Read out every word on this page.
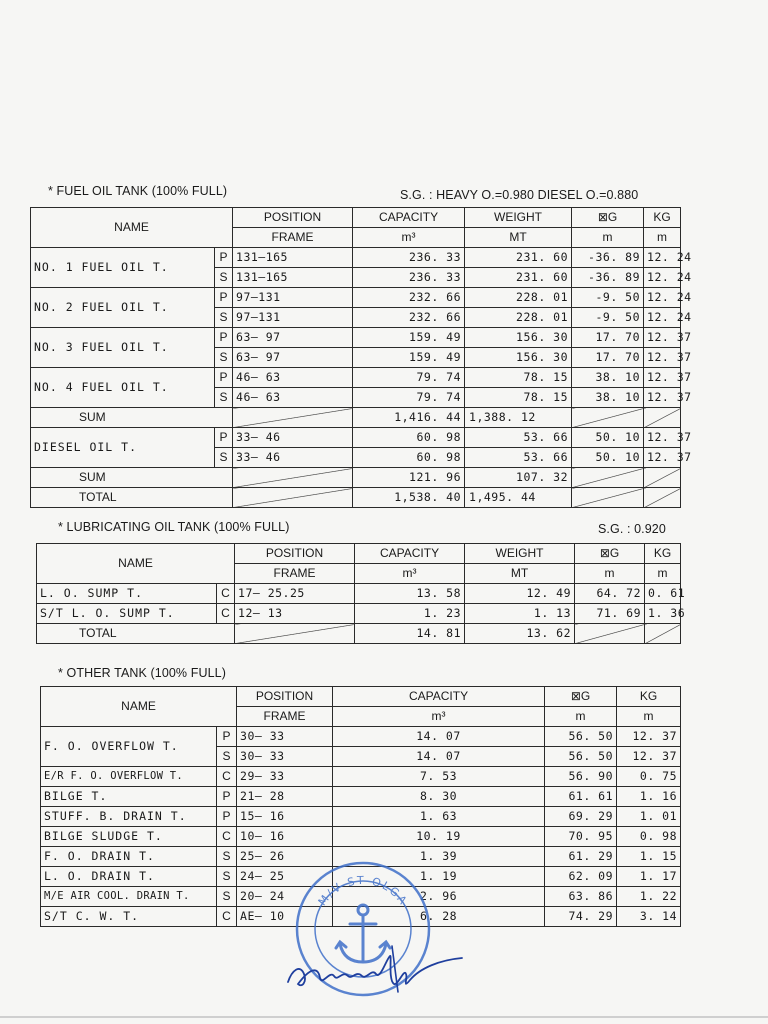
* FUEL OIL TANK (100% FULL)	S.G. : HEAVY O.=0.980 DIESEL O.=0.880
NAME		POSITION	CAPACITY	WEIGHT	⊠G	KG
		FRAME	m³	MT	m	m
NO. 1 FUEL OIL T.	P	131–165	236. 33	231. 60	-36. 89	12. 24
	S	131–165	236. 33	231. 60	-36. 89	12. 24
NO. 2 FUEL OIL T.	P	97–131	232. 66	228. 01	-9. 50	12. 24
	S	97–131	232. 66	228. 01	-9. 50	12. 24
NO. 3 FUEL OIL T.	P	63– 97	159. 49	156. 30	17. 70	12. 37
	S	63– 97	159. 49	156. 30	17. 70	12. 37
NO. 4 FUEL OIL T.	P	46– 63	79. 74	78. 15	38. 10	12. 37
	S	46– 63	79. 74	78. 15	38. 10	12. 37
SUM			1,416. 44	1,388. 12		
DIESEL OIL T.	P	33– 46	60. 98	53. 66	50. 10	12. 37
	S	33– 46	60. 98	53. 66	50. 10	12. 37
SUM			121. 96	107. 32		
TOTAL			1,538. 40	1,495. 44		
* LUBRICATING OIL TANK (100% FULL)	S.G. : 0.920
NAME		POSITION	CAPACITY	WEIGHT	⊠G	KG
		FRAME	m³	MT	m	m
L. O. SUMP T.	C	17– 25.25	13. 58	12. 49	64. 72	0. 61
S/T L. O. SUMP T.	C	12– 13	1. 23	1. 13	71. 69	1. 36
TOTAL			14. 81	13. 62		
* OTHER TANK (100% FULL)
NAME		POSITION	CAPACITY	⊠G	KG
		FRAME	m³	m	m
F. O. OVERFLOW T.	P	30– 33	14. 07	56. 50	12. 37
	S	30– 33	14. 07	56. 50	12. 37
E/R F. O. OVERFLOW T.	C	29– 33	7. 53	56. 90	0. 75
BILGE T.	P	21– 28	8. 30	61. 61	1. 16
STUFF. B. DRAIN T.	P	15– 16	1. 63	69. 29	1. 01
BILGE SLUDGE T.	C	10– 16	10. 19	70. 95	0. 98
F. O. DRAIN T.	S	25– 26	1. 39	61. 29	1. 15
L. O. DRAIN T.	S	24– 25	1. 19	62. 09	1. 17
M/E AIR COOL. DRAIN T.	S	20– 24	2. 96	63. 86	1. 22
S/T C. W. T.	C	AE– 10	6. 28	74. 29	3. 14
M/V ST OLGA
